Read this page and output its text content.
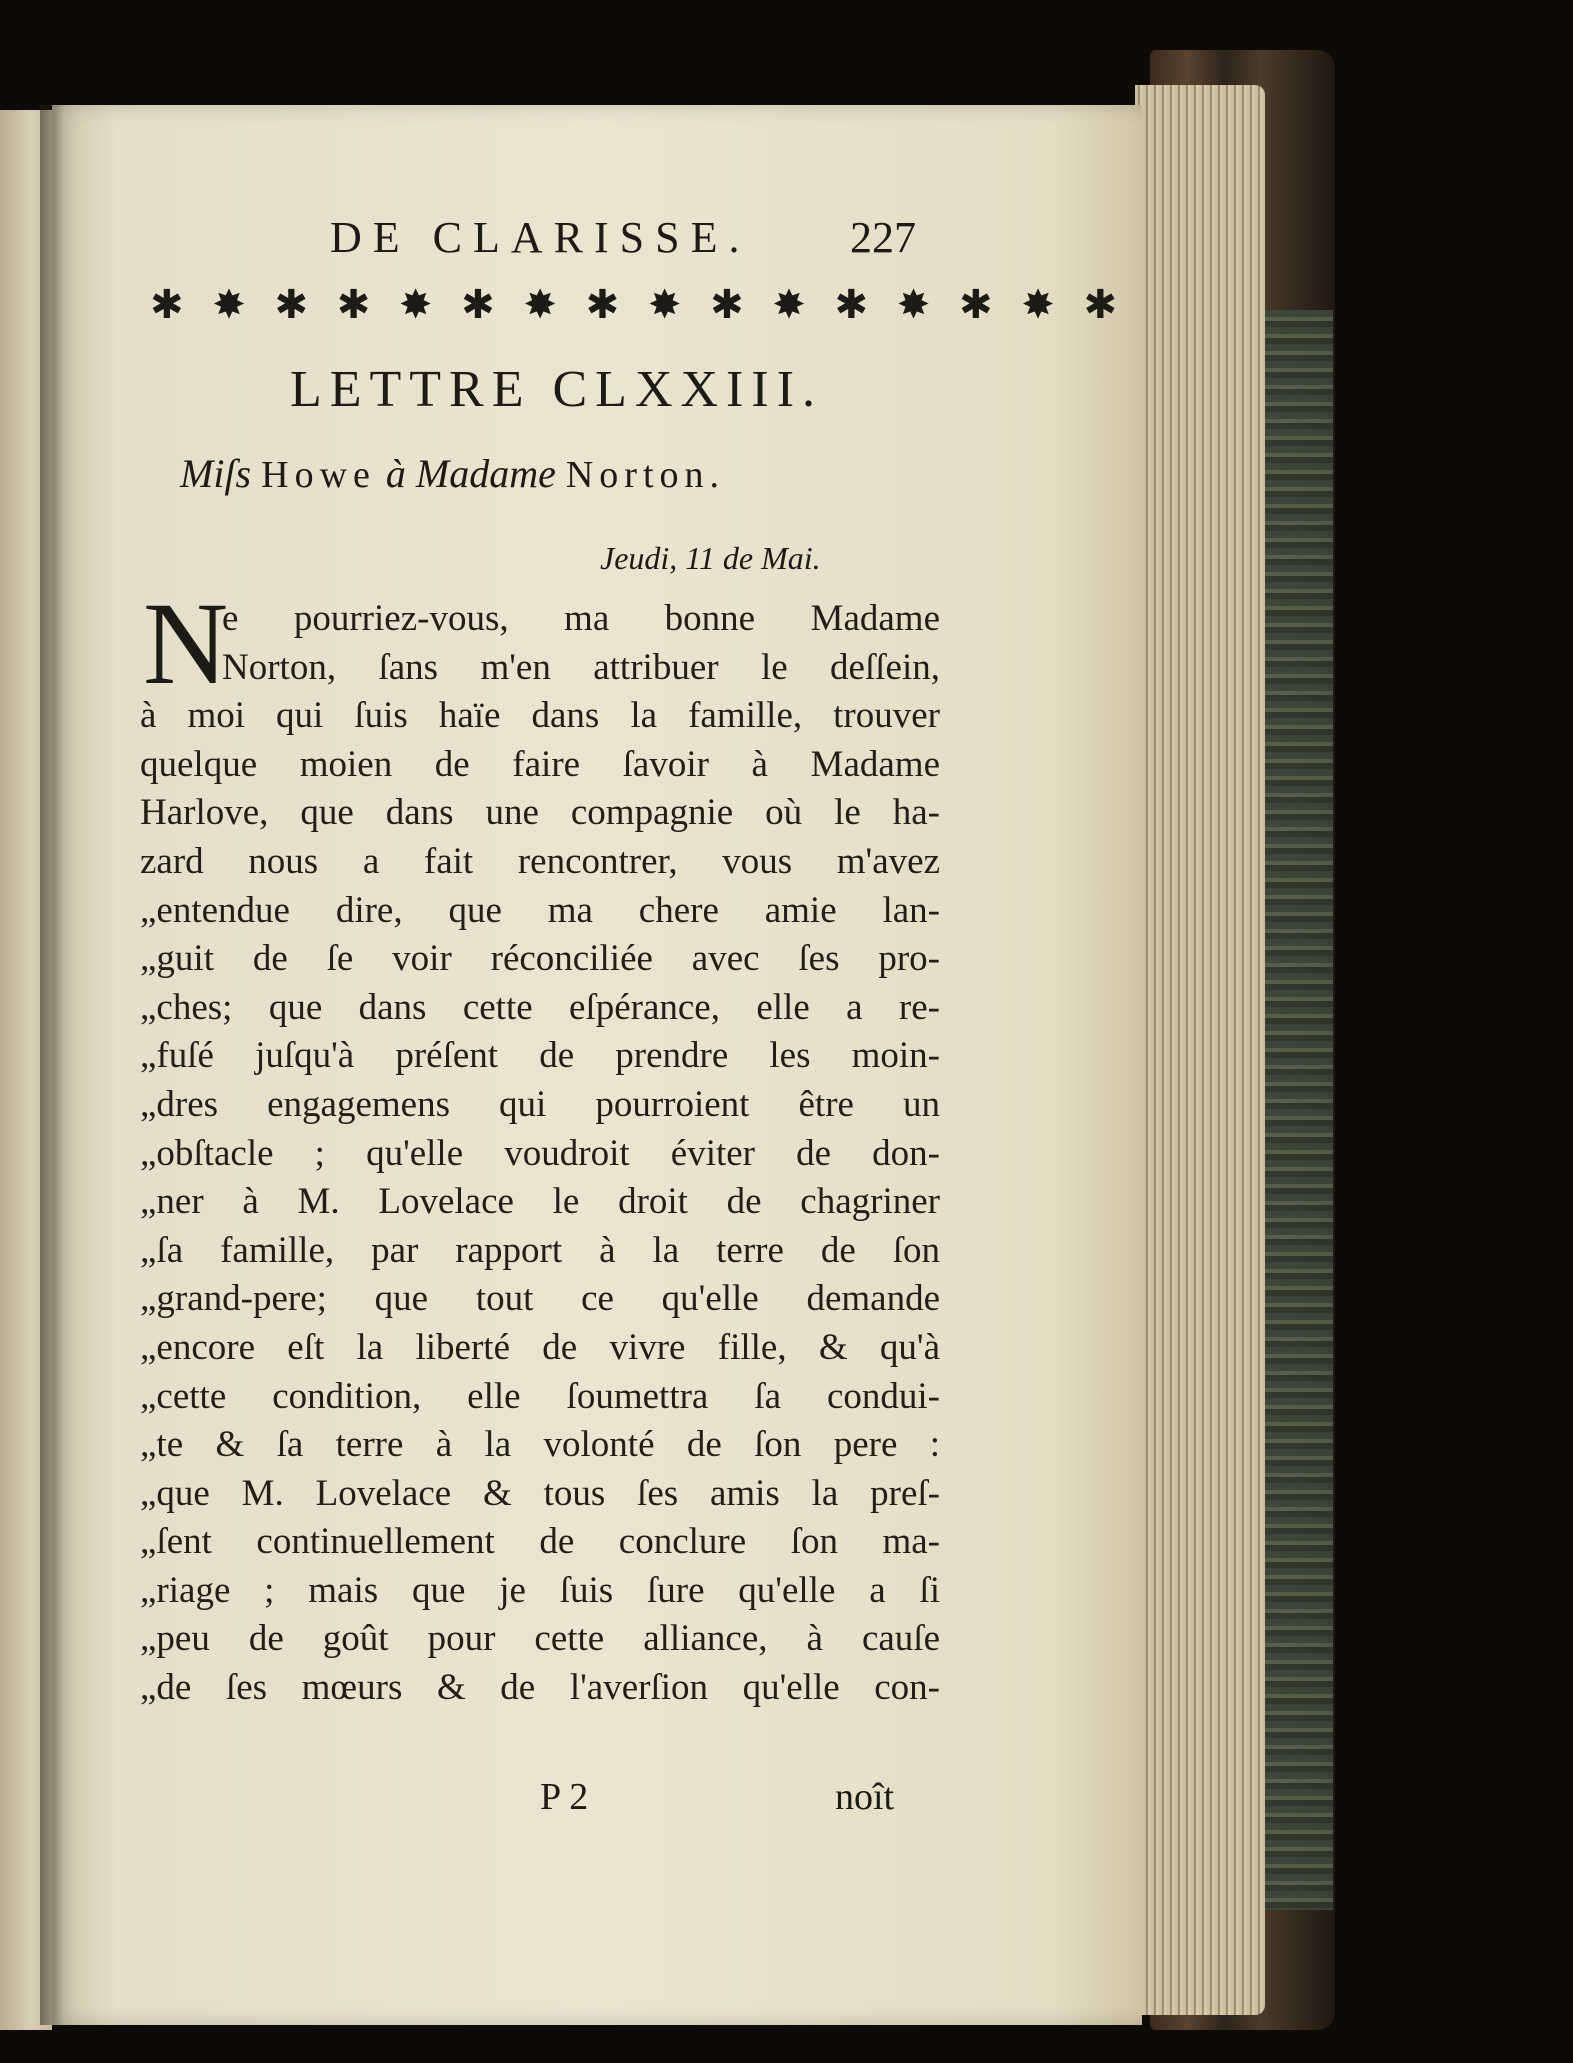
DE CLARISSE. 227
✱ ✸ ✱ ✱ ✸ ✱ ✸ ✱ ✸ ✱ ✸ ✱ ✸ ✱ ✸ ✱
LETTRE CLXXIII.
Miſs Howe à Madame Norton.
Jeudi, 11 de Mai.
N
e pourriez-vous, ma bonne Madame
Norton, ſans m'en attribuer le deſſein,
à moi qui ſuis haïe dans la famille, trouver
quelque moien de faire ſavoir à Madame
Harlove, que dans une compagnie où le ha-
zard nous a fait rencontrer, vous m'avez
„entendue dire, que ma chere amie lan-
„guit de ſe voir réconciliée avec ſes pro-
„ches; que dans cette eſpérance, elle a re-
„fuſé juſqu'à préſent de prendre les moin-
„dres engagemens qui pourroient être un
„obſtacle ; qu'elle voudroit éviter de don-
„ner à M. Lovelace le droit de chagriner
„ſa famille, par rapport à la terre de ſon
„grand-pere; que tout ce qu'elle demande
„encore eſt la liberté de vivre fille, & qu'à
„cette condition, elle ſoumettra ſa condui-
„te & ſa terre à la volonté de ſon pere :
„que M. Lovelace & tous ſes amis la preſ-
„ſent continuellement de conclure ſon ma-
„riage ; mais que je ſuis ſure qu'elle a ſi
„peu de goût pour cette alliance, à cauſe
„de ſes mœurs & de l'averſion qu'elle con-
P 2	noît
